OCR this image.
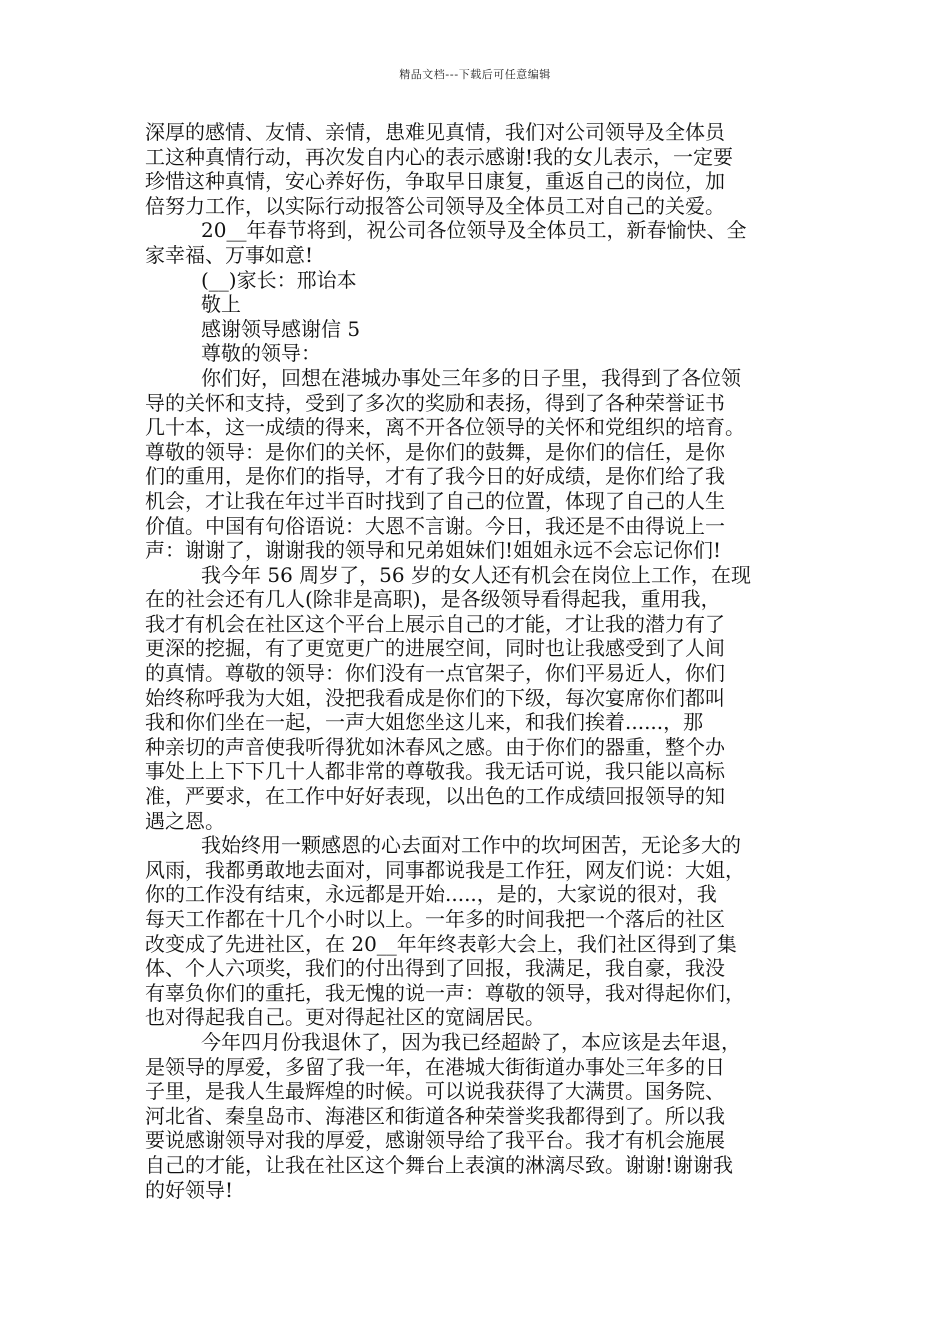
精品文档---下载后可任意编辑
深厚的感情、友情、亲情，患难见真情，我们对公司领导及全体员
工这种真情行动，再次发自内心的表示感谢!我的女儿表示，一定要
珍惜这种真情，安心养好伤，争取早日康复，重返自己的岗位，加
倍努力工作，以实际行动报答公司领导及全体员工对自己的关爱。
20__年春节将到，祝公司各位领导及全体员工，新春愉快、全
家幸福、万事如意!
(__)家长：邢诒本
敬上
感谢领导感谢信 5
尊敬的领导：
你们好，回想在港城办事处三年多的日子里，我得到了各位领
导的关怀和支持，受到了多次的奖励和表扬，得到了各种荣誉证书
几十本，这一成绩的得来，离不开各位领导的关怀和党组织的培育。
尊敬的领导：是你们的关怀，是你们的鼓舞，是你们的信任，是你
们的重用，是你们的指导，才有了我今日的好成绩，是你们给了我
机会，才让我在年过半百时找到了自己的位置，体现了自己的人生
价值。中国有句俗语说：大恩不言谢。今日，我还是不由得说上一
声：谢谢了，谢谢我的领导和兄弟姐妹们!姐姐永远不会忘记你们!
我今年 56 周岁了，56 岁的女人还有机会在岗位上工作，在现
在的社会还有几人(除非是高职)，是各级领导看得起我，重用我，
我才有机会在社区这个平台上展示自己的才能，才让我的潜力有了
更深的挖掘，有了更宽更广的进展空间，同时也让我感受到了人间
的真情。尊敬的领导：你们没有一点官架子，你们平易近人，你们
始终称呼我为大姐，没把我看成是你们的下级，每次宴席你们都叫
我和你们坐在一起，一声大姐您坐这儿来，和我们挨着......，那
种亲切的声音使我听得犹如沐春风之感。由于你们的器重，整个办
事处上上下下几十人都非常的尊敬我。我无话可说，我只能以高标
准，严要求，在工作中好好表现，以出色的工作成绩回报领导的知
遇之恩。
我始终用一颗感恩的心去面对工作中的坎坷困苦，无论多大的
风雨，我都勇敢地去面对，同事都说我是工作狂，网友们说：大姐，
你的工作没有结束，永远都是开始.....，是的，大家说的很对，我
每天工作都在十几个小时以上。一年多的时间我把一个落后的社区
改变成了先进社区，在 20__年年终表彰大会上，我们社区得到了集
体、个人六项奖，我们的付出得到了回报，我满足，我自豪，我没
有辜负你们的重托，我无愧的说一声：尊敬的领导，我对得起你们，
也对得起我自己。更对得起社区的宽阔居民。
今年四月份我退休了，因为我已经超龄了，本应该是去年退，
是领导的厚爱，多留了我一年，在港城大街街道办事处三年多的日
子里，是我人生最辉煌的时候。可以说我获得了大满贯。国务院、
河北省、秦皇岛市、海港区和街道各种荣誉奖我都得到了。所以我
要说感谢领导对我的厚爱，感谢领导给了我平台。我才有机会施展
自己的才能，让我在社区这个舞台上表演的淋漓尽致。谢谢!谢谢我
的好领导!
